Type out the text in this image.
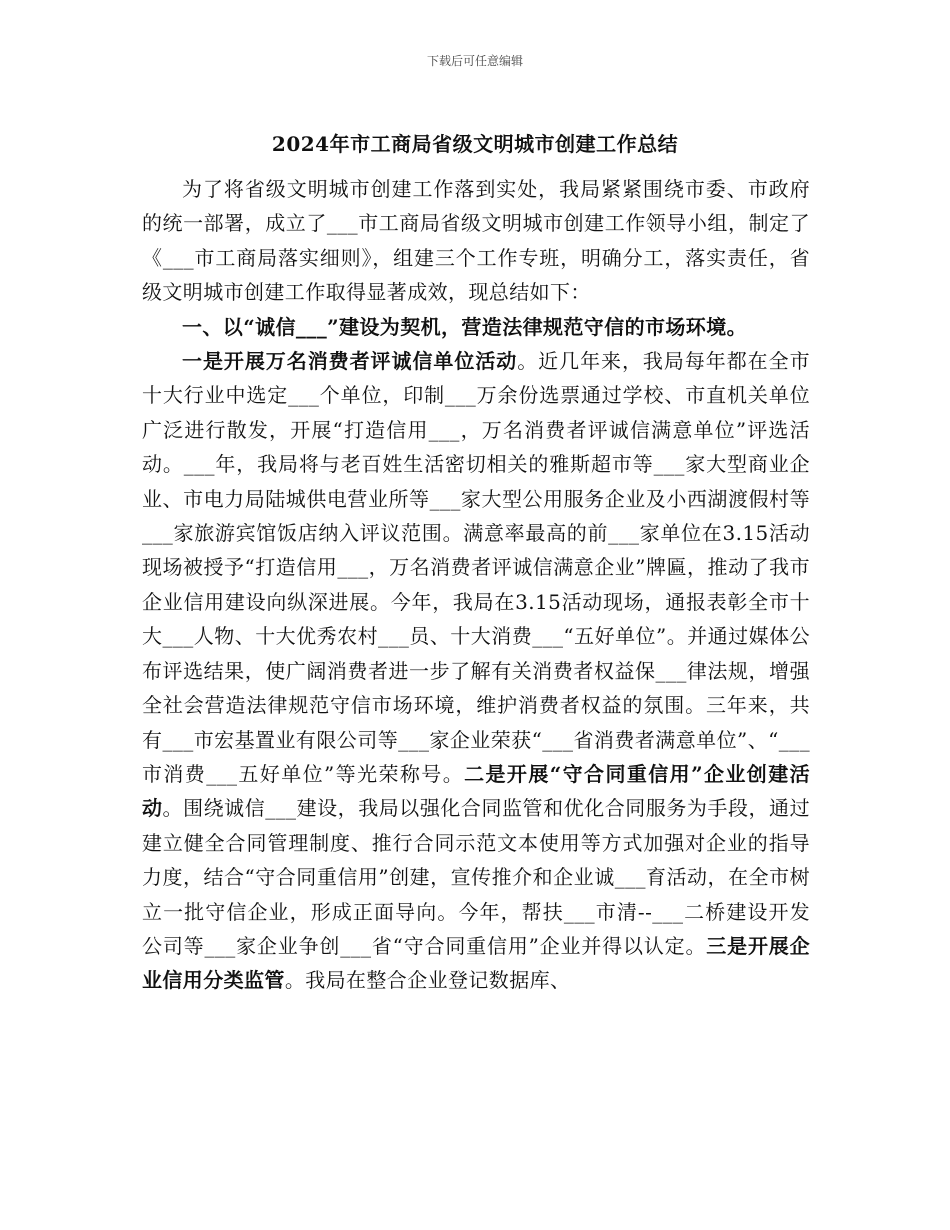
下载后可任意编辑
2024年市工商局省级文明城市创建工作总结

为了将省级文明城市创建工作落到实处，我局紧紧围绕市委、市政府的统一部署，成立了___市工商局省级文明城市创建工作领导小组，制定了《___市工商局落实细则》，组建三个工作专班，明确分工，落实责任，省级文明城市创建工作取得显著成效，现总结如下：

一、以“诚信___”建设为契机，营造法律规范守信的市场环境。

一是开展万名消费者评诚信单位活动。近几年来，我局每年都在全市十大行业中选定___个单位，印制___万余份选票通过学校、市直机关单位广泛进行散发，开展“打造信用___，万名消费者评诚信满意单位”评选活动。___年，我局将与老百姓生活密切相关的雅斯超市等___家大型商业企业、市电力局陆城供电营业所等___家大型公用服务企业及小西湖渡假村等___家旅游宾馆饭店纳入评议范围。满意率最高的前___家单位在3.15活动现场被授予“打造信用___，万名消费者评诚信满意企业”牌匾，推动了我市企业信用建设向纵深进展。今年，我局在3.15活动现场，通报表彰全市十大___人物、十大优秀农村___员、十大消费___“五好单位”。并通过媒体公布评选结果，使广阔消费者进一步了解有关消费者权益保___律法规，增强全社会营造法律规范守信市场环境，维护消费者权益的氛围。三年来，共有___市宏基置业有限公司等___家企业荣获“___省消费者满意单位”、“___市消费___五好单位”等光荣称号。二是开展“守合同重信用”企业创建活动。围绕诚信___建设，我局以强化合同监管和优化合同服务为手段，通过建立健全合同管理制度、推行合同示范文本使用等方式加强对企业的指导力度，结合“守合同重信用”创建，宣传推介和企业诚___育活动，在全市树立一批守信企业，形成正面导向。今年，帮扶___市清--___二桥建设开发公司等___家企业争创___省“守合同重信用”企业并得以认定。三是开展企业信用分类监管。我局在整合企业登记数据库、
